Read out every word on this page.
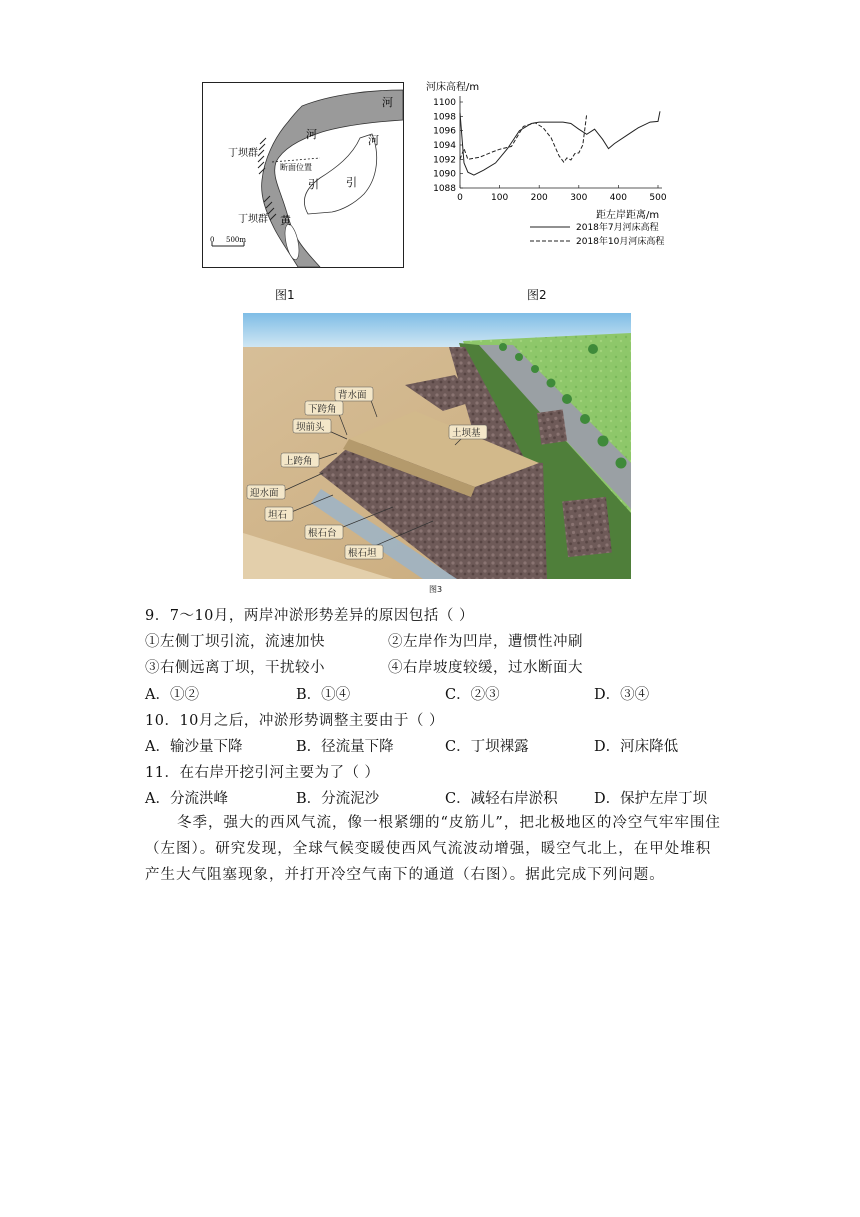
河
河	河
引 引
黄
丁坝群
丁坝群
断面位置
0 500m
图1
河床高程/m
距左岸距离/m
1088
1090
1092
1094
1096
1098
1100
0	100 200 300 400 500
2018年7月河床高程
2018年10月河床高程
图2
背水面
下跨角
坝前头
上跨角
迎水面
坦石
根石台
根石坦
土坝基
图3
9．7～10月，两岸冲淤形势差异的原因包括（ ）
①左侧丁坝引流，流速加快	②左岸作为凹岸，遭惯性冲刷
③右侧远离丁坝，干扰较小	④右岸坡度较缓，过水断面大
A．①②	B．①④	C．②③	D．③④
10．10月之后，冲淤形势调整主要由于（ ）
A．输沙量下降	B．径流量下降	C．丁坝裸露	D．河床降低
11．在右岸开挖引河主要为了（ ）
A．分流洪峰	B．分流泥沙	C．减轻右岸淤积	D．保护左岸丁坝
冬季，强大的西风气流，像一根紧绷的“皮筋儿”，把北极地区的冷空气牢牢围住（左图）。研究发现，全球气候变暖使西风气流波动增强，暖空气北上，在甲处堆积产生大气阻塞现象，并打开冷空气南下的通道（右图）。据此完成下列问题。
